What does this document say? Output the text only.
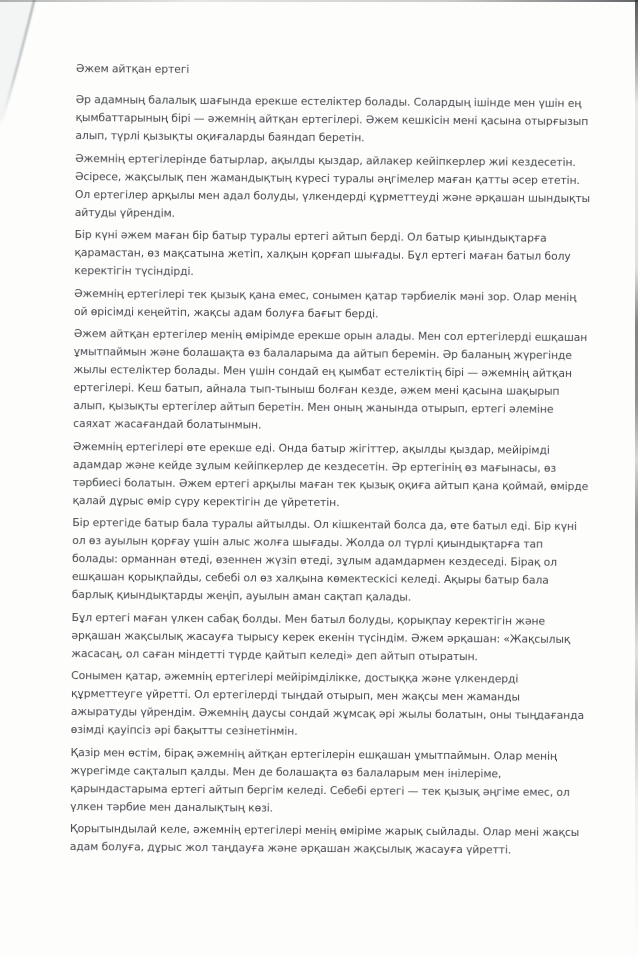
Әжем айтқан ертегі

Әр адамның балалық шағында ерекше естеліктер болады. Солардың ішінде мен үшін ең қымбаттарының бірі — әжемнің айтқан ертегілері. Әжем кешкісін мені қасына отырғызып алып, түрлі қызықты оқиғаларды баяндап беретін.

Әжемнің ертегілерінде батырлар, ақылды қыздар, айлакер кейіпкерлер жиі кездесетін. Әсіресе, жақсылық пен жамандықтың күресі туралы әңгімелер маған қатты әсер ететін. Ол ертегілер арқылы мен адал болуды, үлкендерді құрметтеуді және әрқашан шындықты айтуды үйрендім.

Бір күні әжем маған бір батыр туралы ертегі айтып берді. Ол батыр қиындықтарға қарамастан, өз мақсатына жетіп, халқын қорғап шығады. Бұл ертегі маған батыл болу керектігін түсіндірді.

Әжемнің ертегілері тек қызық қана емес, сонымен қатар тәрбиелік мәні зор. Олар менің ой өрісімді кеңейтіп, жақсы адам болуға бағыт берді.

Әжем айтқан ертегілер менің өмірімде ерекше орын алады. Мен сол ертегілерді ешқашан ұмытпаймын және болашақта өз балаларыма да айтып беремін. Әр баланың жүрегінде жылы естеліктер болады. Мен үшін сондай ең қымбат естеліктің бірі — әжемнің айтқан ертегілері. Кеш батып, айнала тып-тыныш болған кезде, әжем мені қасына шақырып алып, қызықты ертегілер айтып беретін. Мен оның жанында отырып, ертегі әлеміне саяхат жасағандай болатынмын.

Әжемнің ертегілері өте ерекше еді. Онда батыр жігіттер, ақылды қыздар, мейірімді адамдар және кейде зұлым кейіпкерлер де кездесетін. Әр ертегінің өз мағынасы, өз тәрбиесі болатын. Әжем ертегі арқылы маған тек қызық оқиға айтып қана қоймай, өмірде қалай дұрыс өмір сүру керектігін де үйрететін.

Бір ертегіде батыр бала туралы айтылды. Ол кішкентай болса да, өте батыл еді. Бір күні ол өз ауылын қорғау үшін алыс жолға шығады. Жолда ол түрлі қиындықтарға тап болады: орманнан өтеді, өзеннен жүзіп өтеді, зұлым адамдармен кездеседі. Бірақ ол ешқашан қорықпайды, себебі ол өз халқына көмектескісі келеді. Ақыры батыр бала барлық қиындықтарды жеңіп, ауылын аман сақтап қалады.

Бұл ертегі маған үлкен сабақ болды. Мен батыл болуды, қорықпау керектігін және әрқашан жақсылық жасауға тырысу керек екенін түсіндім. Әжем әрқашан: «Жақсылық жасасаң, ол саған міндетті түрде қайтып келеді» деп айтып отыратын.

Сонымен қатар, әжемнің ертегілері мейірімділікке, достыққа және үлкендерді құрметтеуге үйретті. Ол ертегілерді тыңдай отырып, мен жақсы мен жаманды ажыратуды үйрендім. Әжемнің даусы сондай жұмсақ әрі жылы болатын, оны тыңдағанда өзімді қауіпсіз әрі бақытты сезінетінмін.

Қазір мен өстім, бірақ әжемнің айтқан ертегілерін ешқашан ұмытпаймын. Олар менің жүрегімде сақталып қалды. Мен де болашақта өз балаларым мен інілеріме, қарындастарыма ертегі айтып бергім келеді. Себебі ертегі — тек қызық әңгіме емес, ол үлкен тәрбие мен даналықтың көзі.

Қорытындылай келе, әжемнің ертегілері менің өміріме жарық сыйлады. Олар мені жақсы адам болуға, дұрыс жол таңдауға және әрқашан жақсылық жасауға үйретті.
